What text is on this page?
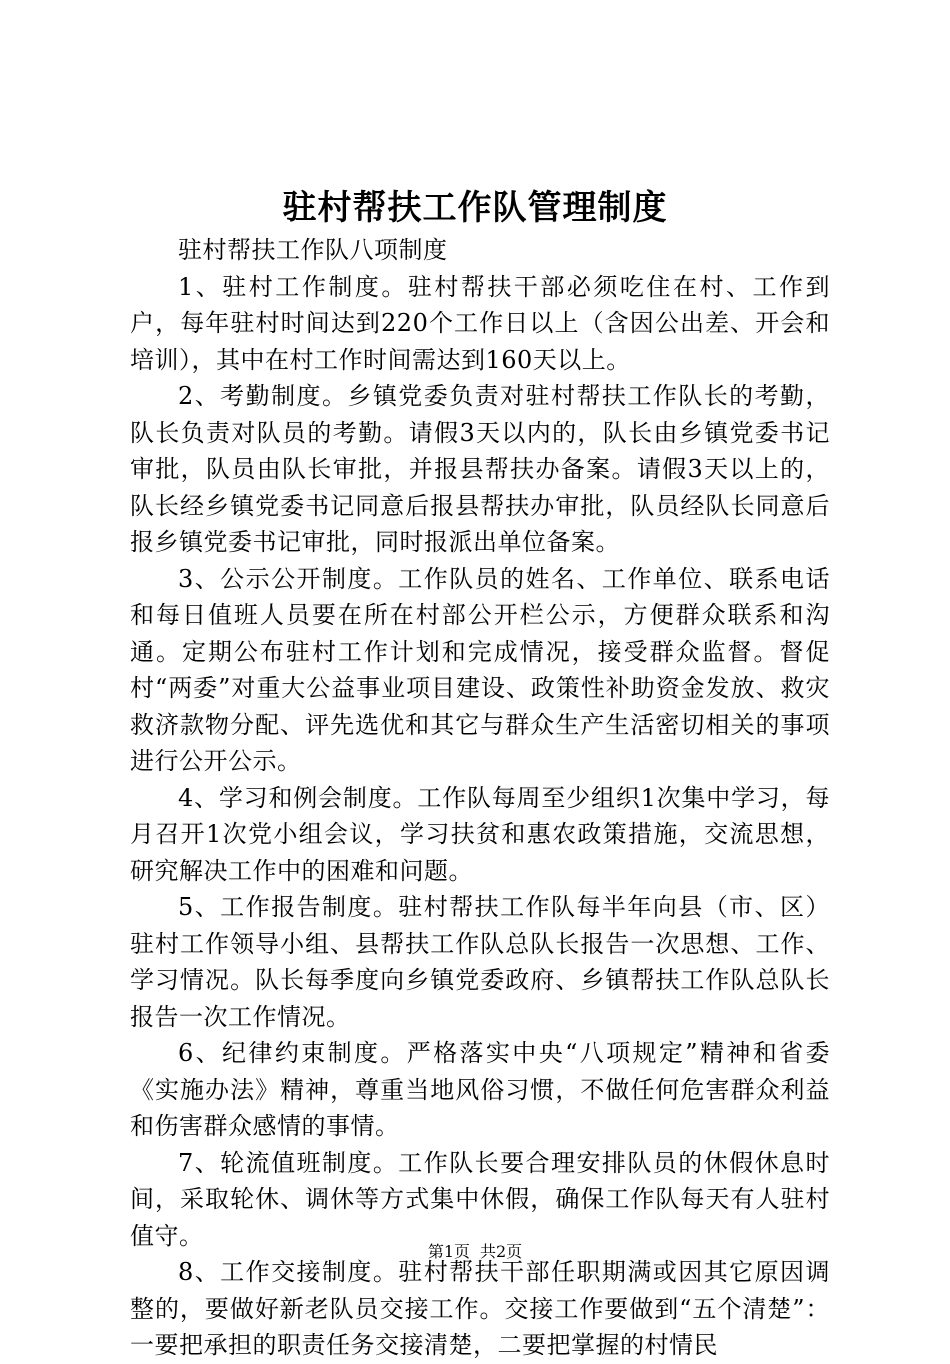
驻村帮扶工作队管理制度

驻村帮扶工作队八项制度

1、驻村工作制度。驻村帮扶干部必须吃住在村、工作到户，每年驻村时间达到220个工作日以上（含因公出差、开会和培训），其中在村工作时间需达到160天以上。

2、考勤制度。乡镇党委负责对驻村帮扶工作队长的考勤，队长负责对队员的考勤。请假3天以内的，队长由乡镇党委书记审批，队员由队长审批，并报县帮扶办备案。请假3天以上的，队长经乡镇党委书记同意后报县帮扶办审批，队员经队长同意后报乡镇党委书记审批，同时报派出单位备案。

3、公示公开制度。工作队员的姓名、工作单位、联系电话和每日值班人员要在所在村部公开栏公示，方便群众联系和沟通。定期公布驻村工作计划和完成情况，接受群众监督。督促村“两委”对重大公益事业项目建设、政策性补助资金发放、救灾救济款物分配、评先选优和其它与群众生产生活密切相关的事项进行公开公示。

4、学习和例会制度。工作队每周至少组织1次集中学习，每月召开1次党小组会议，学习扶贫和惠农政策措施，交流思想，研究解决工作中的困难和问题。

5、工作报告制度。驻村帮扶工作队每半年向县（市、区）驻村工作领导小组、县帮扶工作队总队长报告一次思想、工作、学习情况。队长每季度向乡镇党委政府、乡镇帮扶工作队总队长报告一次工作情况。

6、纪律约束制度。严格落实中央“八项规定”精神和省委《实施办法》精神，尊重当地风俗习惯，不做任何危害群众利益和伤害群众感情的事情。

7、轮流值班制度。工作队长要合理安排队员的休假休息时间，采取轮休、调休等方式集中休假，确保工作队每天有人驻村值守。

8、工作交接制度。驻村帮扶干部任职期满或因其它原因调整的，要做好新老队员交接工作。交接工作要做到“五个清楚”：一要把承担的职责任务交接清楚，二要把掌握的村情民

第1页 共2页
